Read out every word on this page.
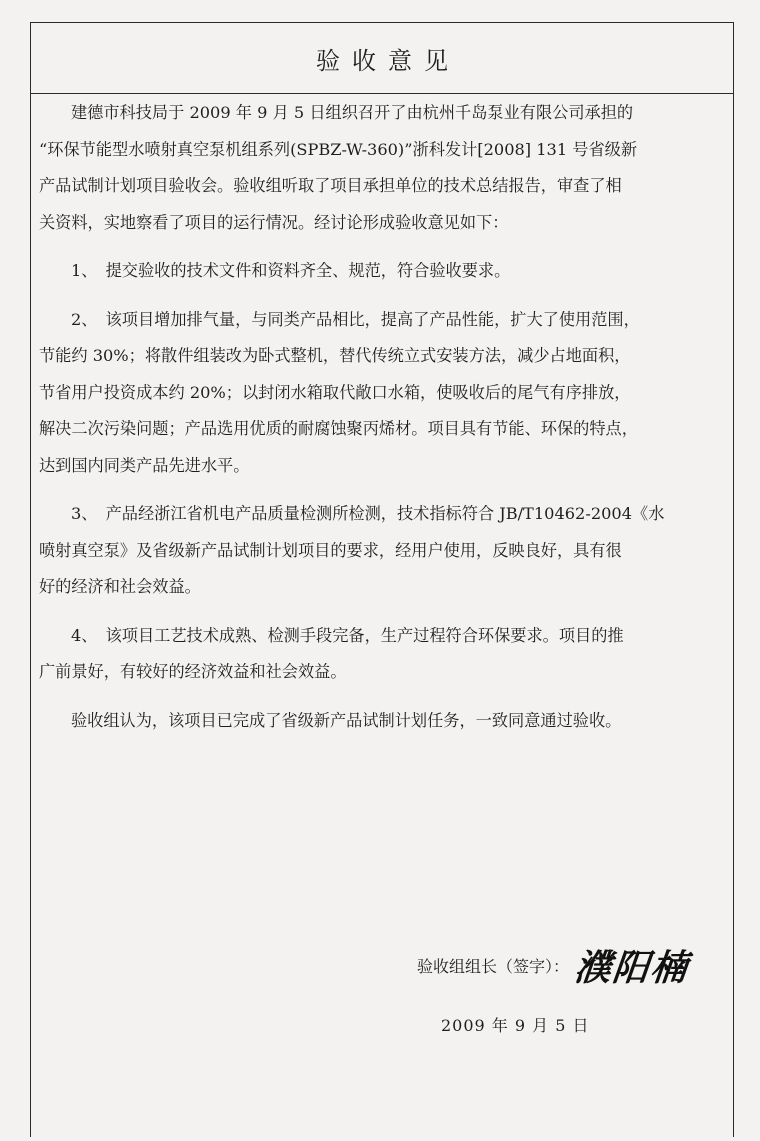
验收意见
建德市科技局于 2009 年 9 月 5 日组织召开了由杭州千岛泵业有限公司承担的
“环保节能型水喷射真空泵机组系列(SPBZ-W-360)”浙科发计[2008] 131 号省级新
产品试制计划项目验收会。验收组听取了项目承担单位的技术总结报告，审查了相
关资料，实地察看了项目的运行情况。经讨论形成验收意见如下：
1、　提交验收的技术文件和资料齐全、规范，符合验收要求。
2、　该项目增加排气量，与同类产品相比，提高了产品性能，扩大了使用范围，
节能约 30%；将散件组装改为卧式整机，替代传统立式安装方法，减少占地面积，
节省用户投资成本约 20%；以封闭水箱取代敞口水箱，使吸收后的尾气有序排放，
解决二次污染问题；产品选用优质的耐腐蚀聚丙烯材。项目具有节能、环保的特点，
达到国内同类产品先进水平。
3、　产品经浙江省机电产品质量检测所检测，技术指标符合 JB/T10462-2004《水
喷射真空泵》及省级新产品试制计划项目的要求，经用户使用，反映良好，具有很
好的经济和社会效益。
4、　该项目工艺技术成熟、检测手段完备，生产过程符合环保要求。项目的推
广前景好，有较好的经济效益和社会效益。
验收组认为，该项目已完成了省级新产品试制计划任务，一致同意通过验收。
验收组组长（签字）： 濮阳楠
2009 年 9 月 5 日
